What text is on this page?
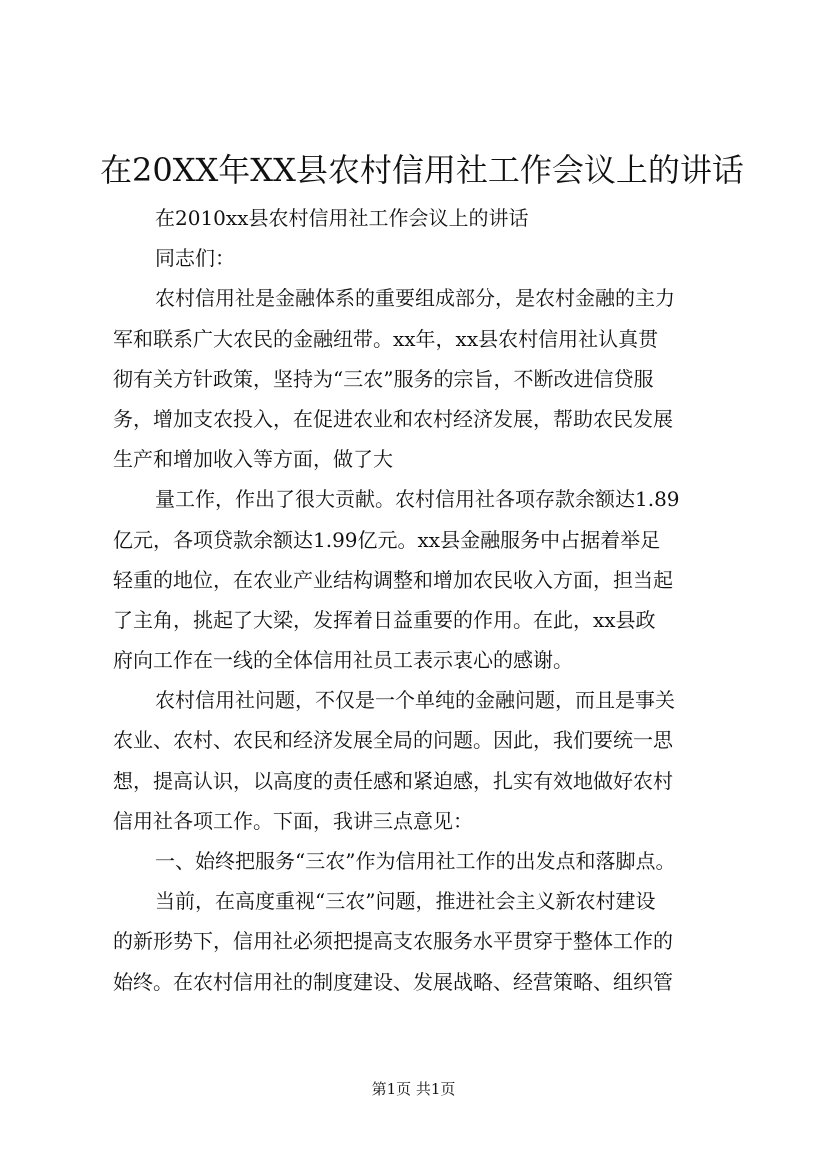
在20XX年XX县农村信用社工作会议上的讲话
在2010xx县农村信用社工作会议上的讲话
同志们：
农村信用社是金融体系的重要组成部分，是农村金融的主力
军和联系广大农民的金融纽带。xx年，xx县农村信用社认真贯
彻有关方针政策，坚持为“三农”服务的宗旨，不断改进信贷服
务，增加支农投入，在促进农业和农村经济发展，帮助农民发展
生产和增加收入等方面，做了大
量工作，作出了很大贡献。农村信用社各项存款余额达1.89
亿元，各项贷款余额达1.99亿元。xx县金融服务中占据着举足
轻重的地位，在农业产业结构调整和增加农民收入方面，担当起
了主角，挑起了大梁，发挥着日益重要的作用。在此，xx县政
府向工作在一线的全体信用社员工表示衷心的感谢。
农村信用社问题，不仅是一个单纯的金融问题，而且是事关
农业、农村、农民和经济发展全局的问题。因此，我们要统一思
想，提高认识，以高度的责任感和紧迫感，扎实有效地做好农村
信用社各项工作。下面，我讲三点意见：
一、始终把服务“三农”作为信用社工作的出发点和落脚点。
当前，在高度重视“三农”问题，推进社会主义新农村建设
的新形势下，信用社必须把提高支农服务水平贯穿于整体工作的
始终。在农村信用社的制度建设、发展战略、经营策略、组织管
第1页 共1页
